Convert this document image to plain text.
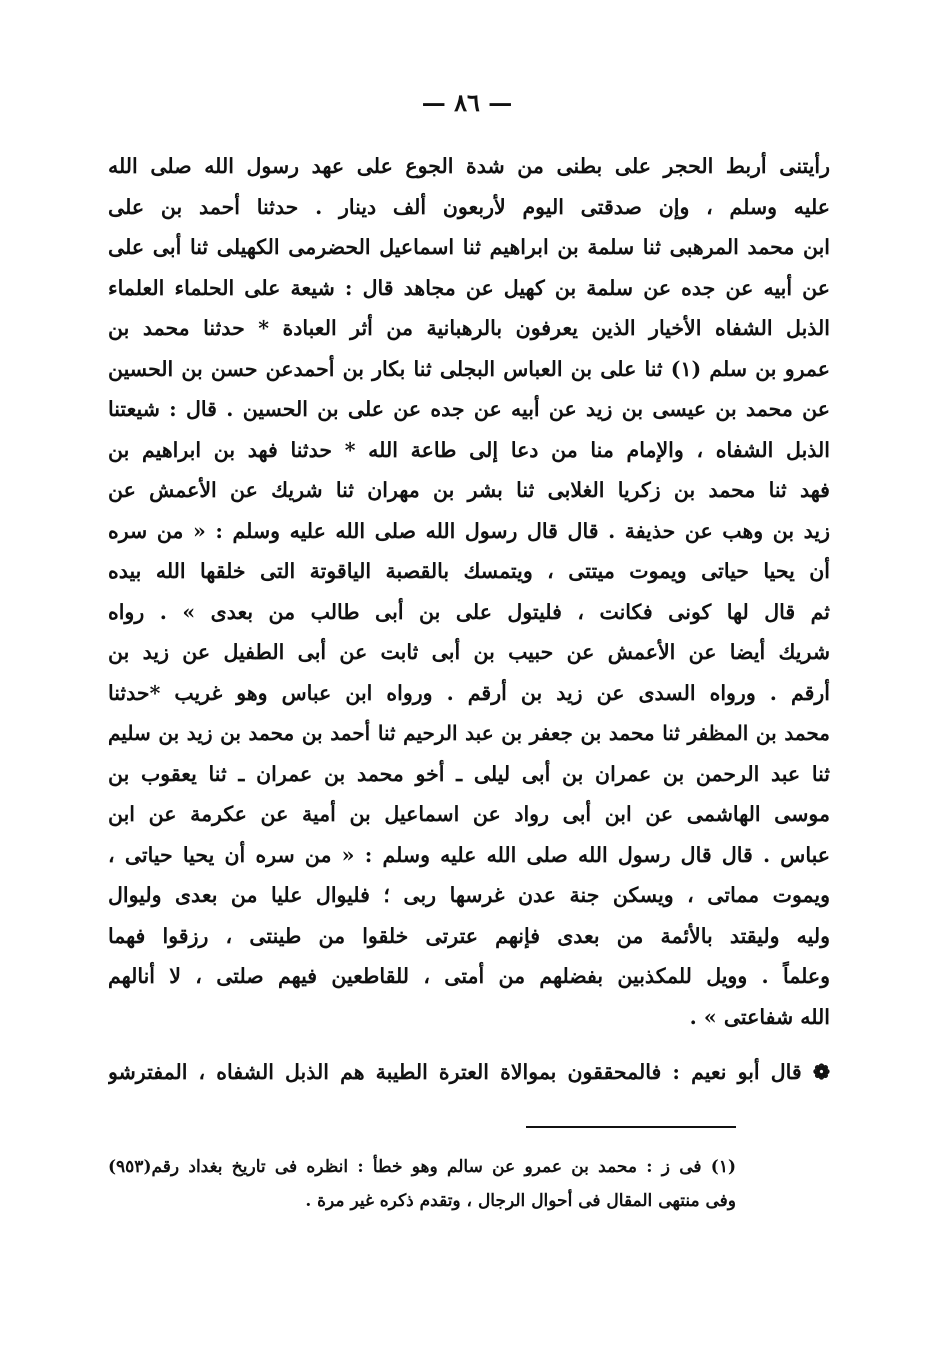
— ٨٦ —
رأيتنى أربط الحجر على بطنى من شدة الجوع على عهد رسول الله صلى الله
عليه وسلم ، وإن صدقتى اليوم لأربعون ألف دينار . حدثنا أحمد بن على
ابن محمد المرهبى ثنا سلمة بن ابراهيم ثنا اسماعيل الحضرمى الكهيلى ثنا أبى على
عن أبيه عن جده عن سلمة بن كهيل عن مجاهد قال : شيعة على الحلماء العلماء
الذبل الشفاه الأخيار الذين يعرفون بالرهبانية من أثر العبادة * حدثنا محمد بن
عمرو بن سلم (١) ثنا على بن العباس البجلى ثنا بكار بن أحمدعن حسن بن الحسين
عن محمد بن عيسى بن زيد عن أبيه عن جده عن على بن الحسين . قال : شيعتنا
الذبل الشفاه ، والإمام منا من دعا إلى طاعة الله * حدثنا فهد بن ابراهيم بن
فهد ثنا محمد بن زكريا الغلابى ثنا بشر بن مهران ثنا شريك عن الأعمش عن
زيد بن وهب عن حذيفة . قال قال رسول الله صلى الله عليه وسلم : « من سره
أن يحيا حياتى ويموت ميتتى ، ويتمسك بالقصبة الياقوتة التى خلقها الله بيده
ثم قال لها كونى فكانت ، فليتول على بن أبى طالب من بعدى » . رواه
شريك أيضا عن الأعمش عن حبيب بن أبى ثابت عن أبى الطفيل عن زيد بن
أرقم . ورواه السدى عن زيد بن أرقم . ورواه ابن عباس وهو غريب *حدثنا
محمد بن المظفر ثنا محمد بن جعفر بن عبد الرحيم ثنا أحمد بن محمد بن زيد بن سليم
ثنا عبد الرحمن بن عمران بن أبى ليلى ـ أخو محمد بن عمران ـ ثنا يعقوب بن
موسى الهاشمى عن ابن أبى رواد عن اسماعيل بن أمية عن عكرمة عن ابن
عباس . قال قال رسول الله صلى الله عليه وسلم : « من سره أن يحيا حياتى ،
ويموت مماتى ، ويسكن جنة عدن غرسها ربى ؛ فليوال عليا من بعدى وليوال
وليه وليقتد بالأئمة من بعدى فإنهم عترتى خلقوا من طينتى ، رزقوا فهما
وعلماً . وويل للمكذبين بفضلهم من أمتى ، للقاطعين فيهم صلتى ، لا أنالهم
الله شفاعتى » .
❁ قال أبو نعيم : فالمحققون بموالاة العترة الطيبة هم الذبل الشفاه ، المفترشو
(١) فى ز : محمد بن عمرو عن سالم وهو خطأ : انظره فى تاريخ بغداد رقم(٩٥٣)
وفى منتهى المقال فى أحوال الرجال ، وتقدم ذكره غير مرة .
